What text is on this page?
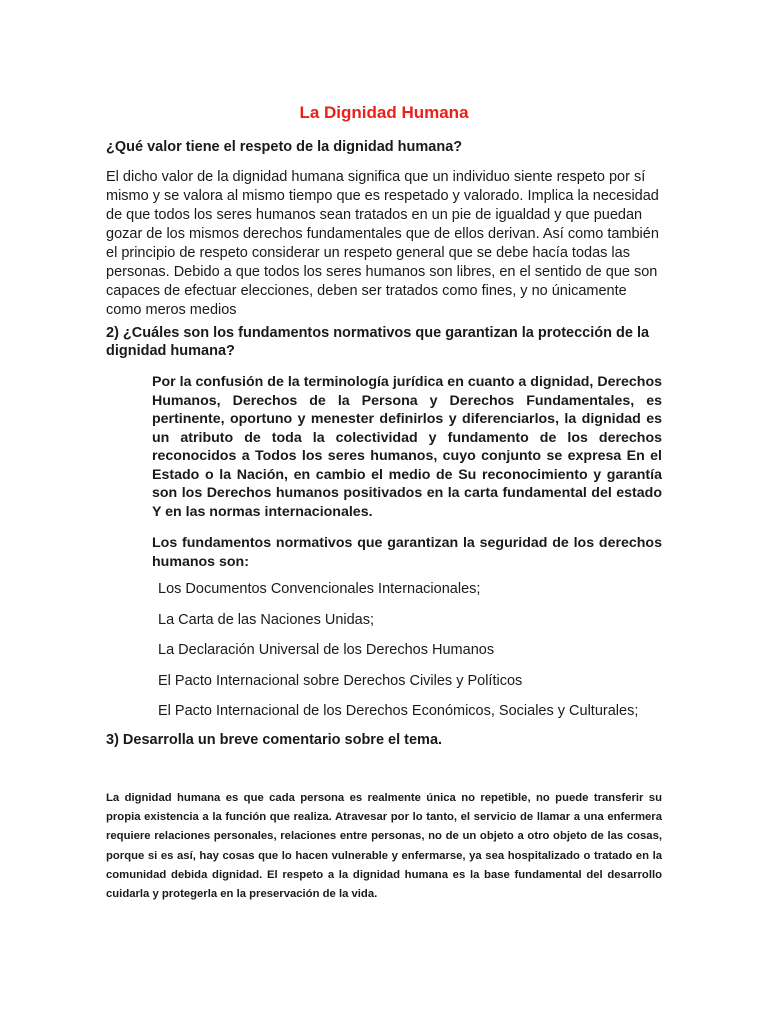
La Dignidad Humana

¿Qué valor tiene el respeto de la dignidad humana?

El dicho valor de la dignidad humana significa que un individuo siente respeto por sí mismo y se valora al mismo tiempo que es respetado y valorado. Implica la necesidad de que todos los seres humanos sean tratados en un pie de igualdad y que puedan gozar de los mismos derechos fundamentales que de ellos derivan. Así como también el principio de respeto considerar un respeto general que se debe hacía todas las personas. Debido a que todos los seres humanos son libres, en el sentido de que son capaces de efectuar elecciones, deben ser tratados como fines, y no únicamente como meros medios

2) ¿Cuáles son los fundamentos normativos que garantizan la protección de la dignidad humana?

Por la confusión de la terminología jurídica en cuanto a dignidad, Derechos Humanos, Derechos de la Persona y Derechos Fundamentales, es pertinente, oportuno y menester definirlos y diferenciarlos, la dignidad es un atributo de toda la colectividad y fundamento de los derechos reconocidos a Todos los seres humanos, cuyo conjunto se expresa En el Estado o la Nación, en cambio el medio de Su reconocimiento y garantía son los Derechos humanos positivados en la carta fundamental del estado Y en las normas internacionales.

Los fundamentos normativos que garantizan la seguridad de los derechos humanos son:

Los Documentos Convencionales Internacionales;
La Carta de las Naciones Unidas;
La Declaración Universal de los Derechos Humanos
El Pacto Internacional sobre Derechos Civiles y Políticos
El Pacto Internacional de los Derechos Económicos, Sociales y Culturales;

3) Desarrolla un breve comentario sobre el tema.

La dignidad humana es que cada persona es realmente única no repetible, no puede transferir su propia existencia a la función que realiza. Atravesar por lo tanto, el servicio de llamar a una enfermera requiere relaciones personales, relaciones entre personas, no de un objeto a otro objeto de las cosas, porque si es así, hay cosas que lo hacen vulnerable y enfermarse, ya sea hospitalizado o tratado en la comunidad debida dignidad. El respeto a la dignidad humana es la base fundamental del desarrollo cuidarla y protegerla en la preservación de la vida.
